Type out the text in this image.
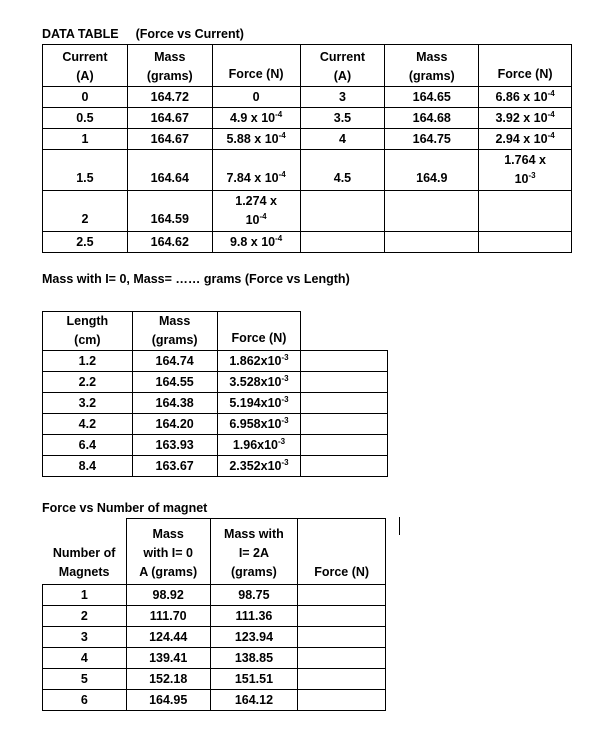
DATA TABLE (Force vs Current)
Current
(A)	Mass
(grams)	Force (N)	Current
(A)	Mass
(grams)	Force (N)
0	164.72	0	3	164.65	6.86 x $10^{-4}$
0.5	164.67	4.9 x $10^{-4}$	3.5	164.68	3.92 x $10^{-4}$
1	164.67	5.88 x $10^{-4}$	4	164.75	2.94 x $10^{-4}$
1.5	164.64	7.84 x $10^{-4}$	4.5	164.9	1.764 x
$10^{-3}$
2	164.59	1.274 x
$10^{-4}$			
2.5	164.62	9.8 x $10^{-4}$			
Mass with I= 0, Mass= …… grams (Force vs Length)
Length
(cm)	Mass
(grams)	Force (N)	
1.2	164.74	$1.862x10^{-3}$	
2.2	164.55	$3.528x10^{-3}$	
3.2	164.38	$5.194x10^{-3}$	
4.2	164.20	$6.958x10^{-3}$	
6.4	163.93	$1.96x10^{-3}$	
8.4	163.67	$2.352x10^{-3}$	
Force vs Number of magnet
Number of
Magnets	Mass
with I= 0
A (grams)	Mass with
I= 2A
(grams)	Force (N)
1	98.92	98.75	
2	111.70	111.36	
3	124.44	123.94	
4	139.41	138.85	
5	152.18	151.51	
6	164.95	164.12	
